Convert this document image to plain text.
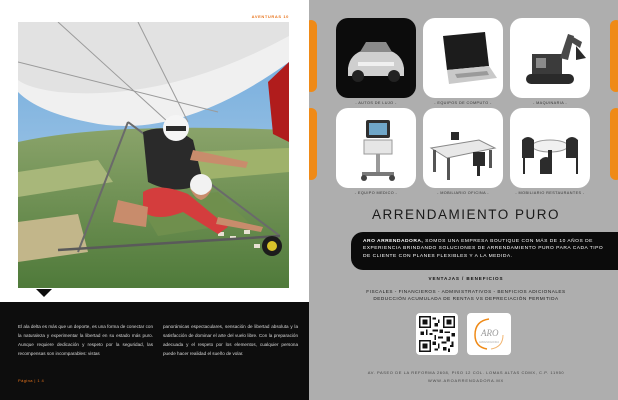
AVENTURAS 10

El ala delta es más que un deporte, es una forma de conectar con la naturaleza y experimentar la libertad en su estado más puro. Aunque requiere dedicación y respeto por la seguridad, las recompensas son incomparables: vistas

panorámicas espectaculares, sensación de libertad absoluta y la satisfacción de dominar el arte del vuelo libre. Con la preparación adecuada y el respeto por los elementos, cualquier persona puede hacer realidad el sueño de volar.

Página | 1 4
- AUTOS DE LUJO -	- EQUIPOS DE COMPUTO -	- MAQUINARIA -
- EQUIPO MEDICO -	- MOBILIARIO OFICINA -	- MOBILIARIO RESTAURANTES -
ARRENDAMIENTO PURO

ARO ARRENDADORA, SOMOS UNA EMPRESA BOUTIQUE CON MÁS DE 10 AÑOS DE EXPERIENCIA BRINDANDO SOLUCIONES DE ARRENDAMIENTO PURO PARA CADA TIPO DE CLIENTE CON PLANES FLEXIBLES Y A LA MEDIDA.

VENTAJAS / BENEFICIOS
FISCALES - FINANCIEROS - ADMINISTRATIVOS - BENFICIOS ADICIONALES
DEDUCCIÓN ACUMULADA DE RENTAS VS DEPRECIACIÓN PERMITIDA
ARO
ARRENDADORA
AV. PASEO DE LA REFORMA 2608, PISO 12 COL. LOMAS ALTAS CDMX, C.P. 11950
WWW.AROARRENDADORA.MX
